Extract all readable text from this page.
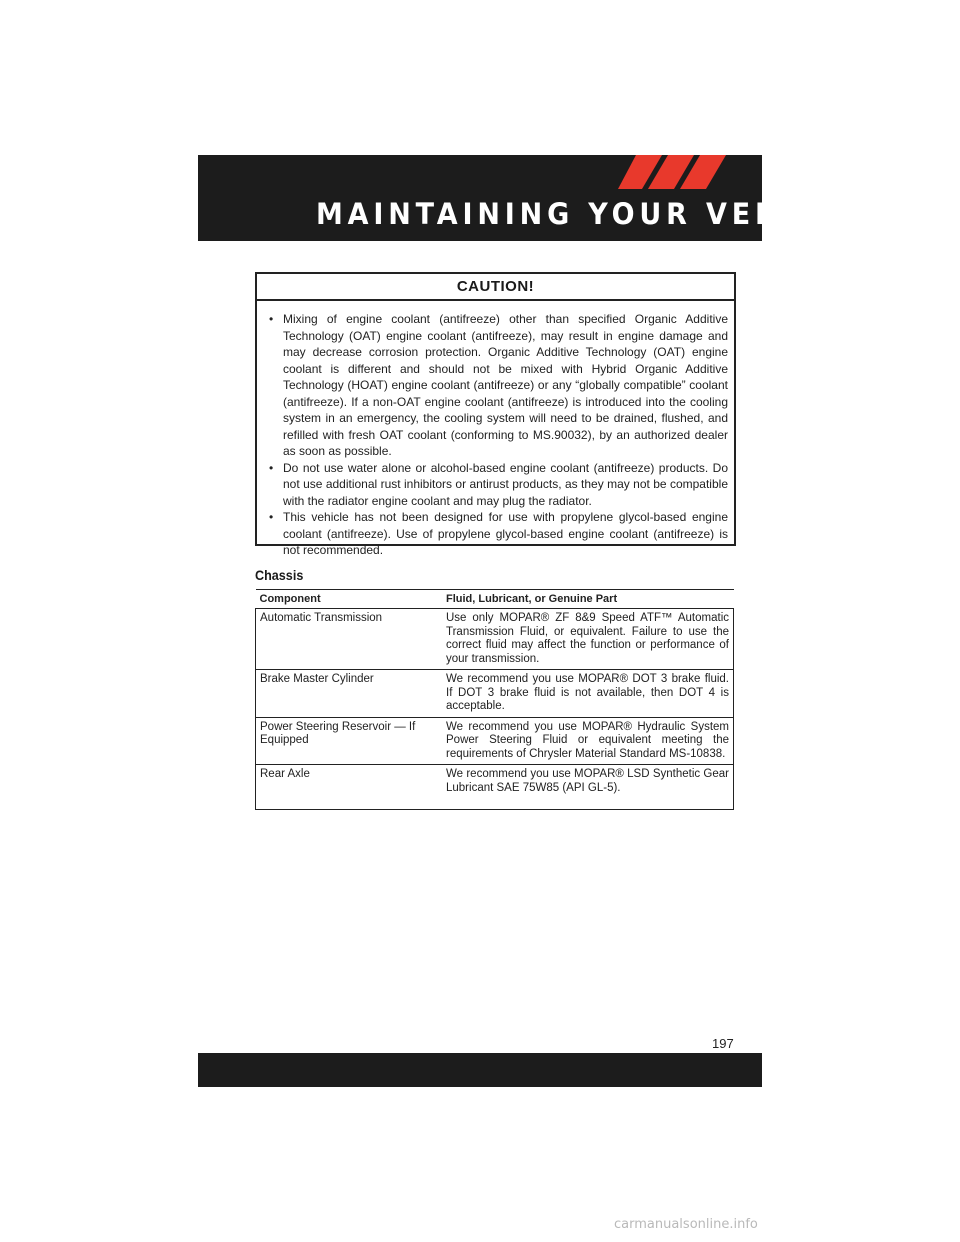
MAINTAINING YOUR VEHICLE
CAUTION!
• Mixing of engine coolant (antifreeze) other than specified Organic Additive Technology (OAT) engine coolant (antifreeze), may result in engine damage and may decrease corrosion protection. Organic Additive Technology (OAT) engine coolant is different and should not be mixed with Hybrid Organic Additive Technology (HOAT) engine coolant (antifreeze) or any “globally compatible” coolant (antifreeze). If a non-OAT engine coolant (antifreeze) is introduced into the cooling system in an emergency, the cooling system will need to be drained, flushed, and refilled with fresh OAT coolant (conforming to MS.90032), by an authorized dealer as soon as possible.
• Do not use water alone or alcohol-based engine coolant (antifreeze) products. Do not use additional rust inhibitors or antirust products, as they may not be compatible with the radiator engine coolant and may plug the radiator.
• This vehicle has not been designed for use with propylene glycol-based engine coolant (antifreeze). Use of propylene glycol-based engine coolant (antifreeze) is not recommended.
Chassis
Component	Fluid, Lubricant, or Genuine Part
Automatic Transmission	Use only MOPAR® ZF 8&9 Speed ATF™ Automatic Transmission Fluid, or equivalent. Failure to use the correct fluid may affect the function or performance of your transmission.
Brake Master Cylinder	We recommend you use MOPAR® DOT 3 brake fluid. If DOT 3 brake fluid is not available, then DOT 4 is acceptable.
Power Steering Reservoir — If Equipped	We recommend you use MOPAR® Hydraulic System Power Steering Fluid or equivalent meeting the requirements of Chrysler Material Standard MS-10838.
Rear Axle	We recommend you use MOPAR® LSD Synthetic Gear Lubricant SAE 75W85 (API GL-5).
197
carmanualsonline.info
